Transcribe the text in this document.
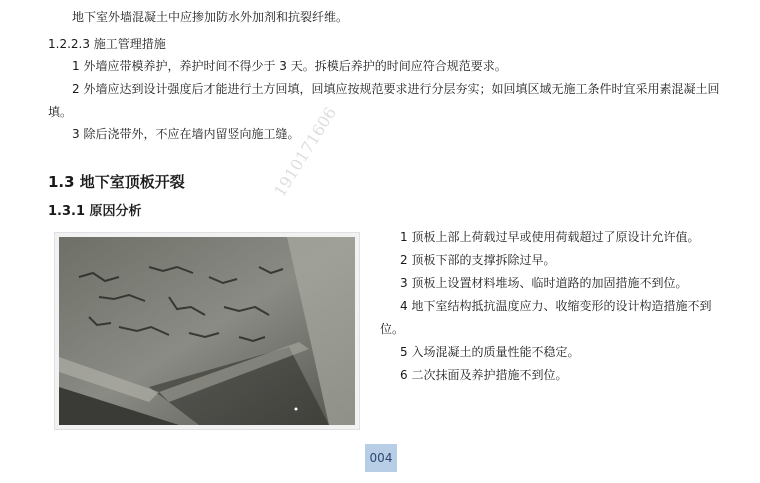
地下室外墙混凝土中应掺加防水外加剂和抗裂纤维。
1.2.2.3 施工管理措施
1 外墙应带模养护，养护时间不得少于 3 天。拆模后养护的时间应符合规范要求。
2 外墙应达到设计强度后才能进行土方回填，回填应按规范要求进行分层夯实；如回填区域无施工条件时宜采用素混凝土回
填。
3 除后浇带外，不应在墙内留竖向施工缝。
1910171606
1.3 地下室顶板开裂
1.3.1 原因分析
1 顶板上部上荷载过早或使用荷载超过了原设计允许值。
2 顶板下部的支撑拆除过早。
3 顶板上设置材料堆场、临时道路的加固措施不到位。
4 地下室结构抵抗温度应力、收缩变形的设计构造措施不到
位。
5 入场混凝土的质量性能不稳定。
6 二次抹面及养护措施不到位。
004
